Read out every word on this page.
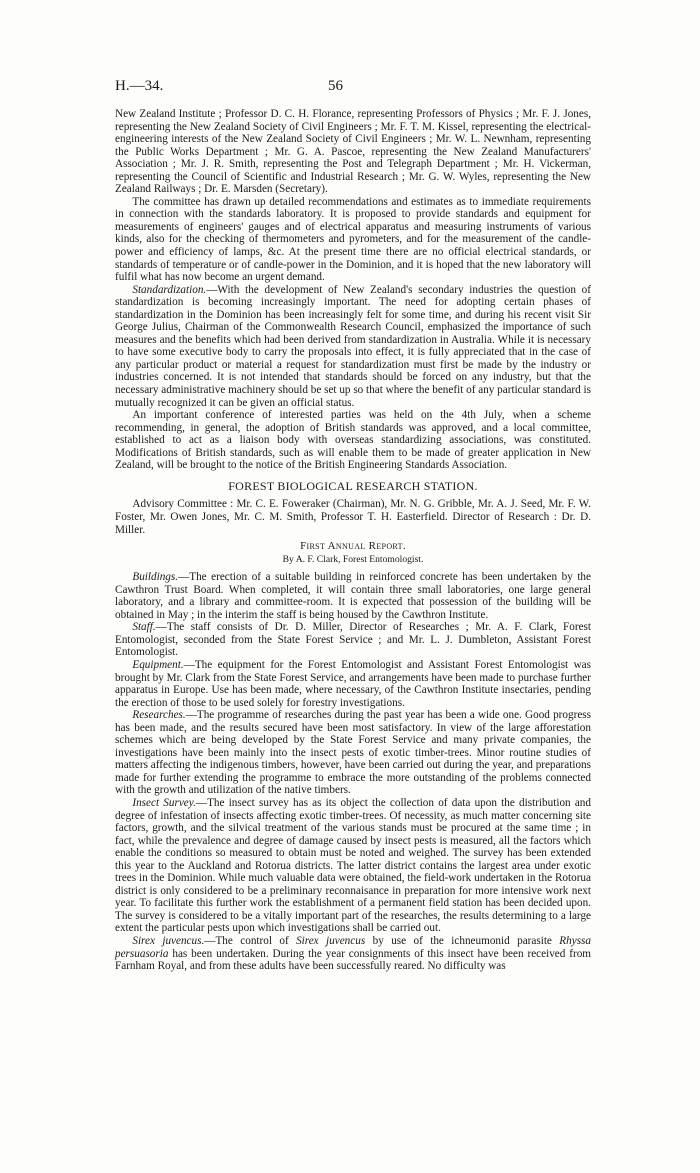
H.—34.	56

New Zealand Institute ; Professor D. C. H. Florance, representing Professors of Physics ; Mr. F. J. Jones, representing the New Zealand Society of Civil Engineers ; Mr. F. T. M. Kissel, representing the electrical-engineering interests of the New Zealand Society of Civil Engineers ; Mr. W. L. Newnham, representing the Public Works Department ; Mr. G. A. Pascoe, representing the New Zealand Manufacturers' Association ; Mr. J. R. Smith, representing the Post and Telegraph Department ; Mr. H. Vickerman, representing the Council of Scientific and Industrial Research ; Mr. G. W. Wyles, representing the New Zealand Railways ; Dr. E. Marsden (Secretary).

The committee has drawn up detailed recommendations and estimates as to immediate requirements in connection with the standards laboratory. It is proposed to provide standards and equipment for measurements of engineers' gauges and of electrical apparatus and measuring instruments of various kinds, also for the checking of thermometers and pyrometers, and for the measurement of the candle-power and efficiency of lamps, &c. At the present time there are no official electrical standards, or standards of temperature or of candle-power in the Dominion, and it is hoped that the new laboratory will fulfil what has now become an urgent demand.

Standardization.—With the development of New Zealand's secondary industries the question of standardization is becoming increasingly important. The need for adopting certain phases of standardization in the Dominion has been increasingly felt for some time, and during his recent visit Sir George Julius, Chairman of the Commonwealth Research Council, emphasized the importance of such measures and the benefits which had been derived from standardization in Australia. While it is necessary to have some executive body to carry the proposals into effect, it is fully appreciated that in the case of any particular product or material a request for standardization must first be made by the industry or industries concerned. It is not intended that standards should be forced on any industry, but that the necessary administrative machinery should be set up so that where the benefit of any particular standard is mutually recognized it can be given an official status.

An important conference of interested parties was held on the 4th July, when a scheme recommending, in general, the adoption of British standards was approved, and a local committee, established to act as a liaison body with overseas standardizing associations, was constituted. Modifications of British standards, such as will enable them to be made of greater application in New Zealand, will be brought to the notice of the British Engineering Standards Association.

FOREST BIOLOGICAL RESEARCH STATION.

Advisory Committee : Mr. C. E. Foweraker (Chairman), Mr. N. G. Gribble, Mr. A. J. Seed, Mr. F. W. Foster, Mr. Owen Jones, Mr. C. M. Smith, Professor T. H. Easterfield. Director of Research : Dr. D. Miller.

First Annual Report.
By A. F. Clark, Forest Entomologist.

Buildings.—The erection of a suitable building in reinforced concrete has been undertaken by the Cawthron Trust Board. When completed, it will contain three small laboratories, one large general laboratory, and a library and committee-room. It is expected that possession of the building will be obtained in May ; in the interim the staff is being housed by the Cawthron Institute.

Staff.—The staff consists of Dr. D. Miller, Director of Researches ; Mr. A. F. Clark, Forest Entomologist, seconded from the State Forest Service ; and Mr. L. J. Dumbleton, Assistant Forest Entomologist.

Equipment.—The equipment for the Forest Entomologist and Assistant Forest Entomologist was brought by Mr. Clark from the State Forest Service, and arrangements have been made to purchase further apparatus in Europe. Use has been made, where necessary, of the Cawthron Institute insectaries, pending the erection of those to be used solely for forestry investigations.

Researches.—The programme of researches during the past year has been a wide one. Good progress has been made, and the results secured have been most satisfactory. In view of the large afforestation schemes which are being developed by the State Forest Service and many private companies, the investigations have been mainly into the insect pests of exotic timber-trees. Minor routine studies of matters affecting the indigenous timbers, however, have been carried out during the year, and preparations made for further extending the programme to embrace the more outstanding of the problems connected with the growth and utilization of the native timbers.

Insect Survey.—The insect survey has as its object the collection of data upon the distribution and degree of infestation of insects affecting exotic timber-trees. Of necessity, as much matter concerning site factors, growth, and the silvical treatment of the various stands must be procured at the same time ; in fact, while the prevalence and degree of damage caused by insect pests is measured, all the factors which enable the conditions so measured to obtain must be noted and weighed. The survey has been extended this year to the Auckland and Rotorua districts. The latter district contains the largest area under exotic trees in the Dominion. While much valuable data were obtained, the field-work undertaken in the Rotorua district is only considered to be a preliminary reconnaisance in preparation for more intensive work next year. To facilitate this further work the establishment of a permanent field station has been decided upon. The survey is considered to be a vitally important part of the researches, the results determining to a large extent the particular pests upon which investigations shall be carried out.

Sirex juvencus.—The control of Sirex juvencus by use of the ichneumonid parasite Rhyssa persuasoria has been undertaken. During the year consignments of this insect have been received from Farnham Royal, and from these adults have been successfully reared. No difficulty was
